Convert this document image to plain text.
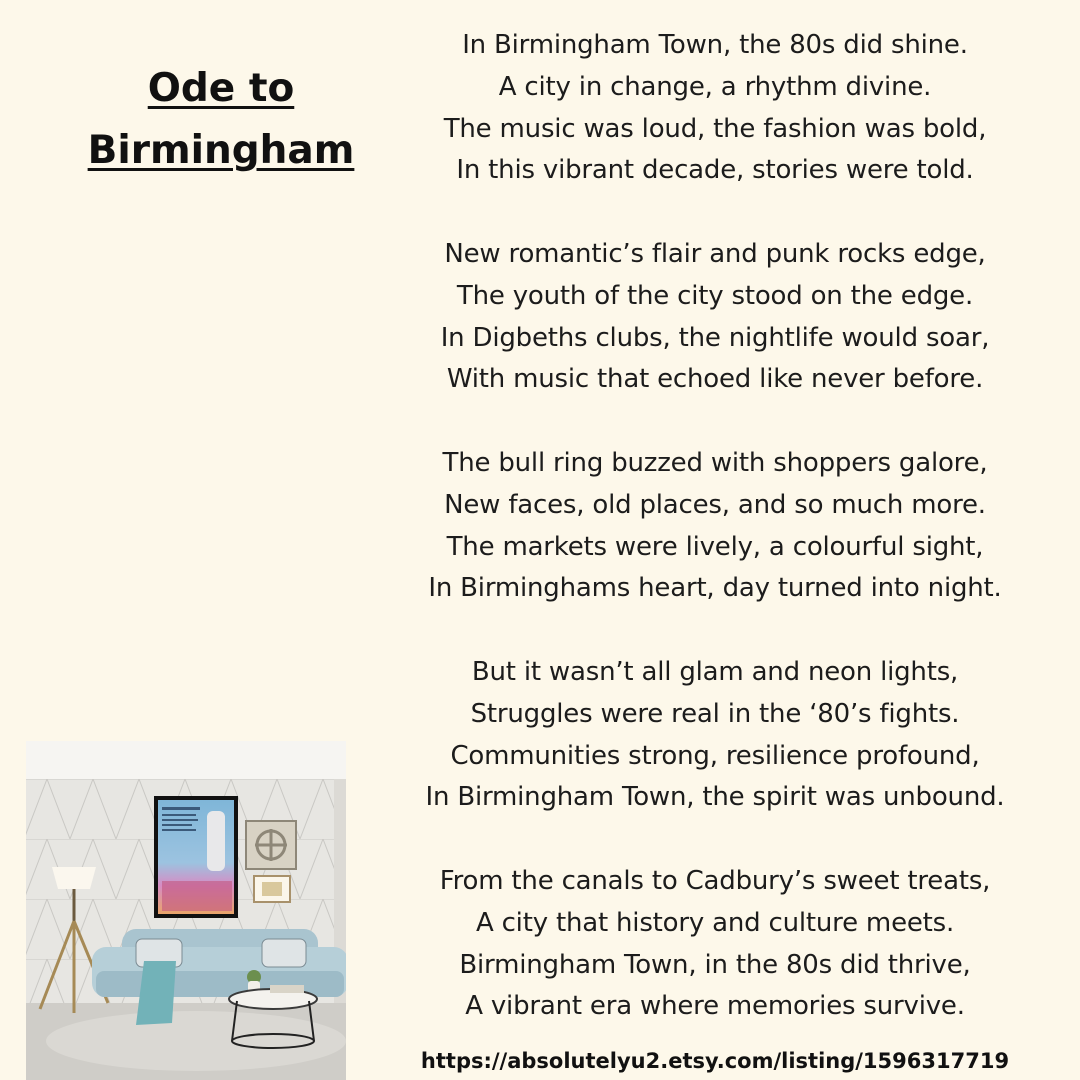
Ode to
Birmingham
In Birmingham Town, the 80s did shine.
A city in change, a rhythm divine.
The music was loud, the fashion was bold,
In this vibrant decade, stories were told.
New romantic’s flair and punk rocks edge,
The youth of the city stood on the edge.
In Digbeths clubs, the nightlife would soar,
With music that echoed like never before.
The bull ring buzzed with shoppers galore,
New faces, old places, and so much more.
The markets were lively, a colourful sight,
In Birminghams heart, day turned into night.
But it wasn’t all glam and neon lights,
Struggles were real in the ‘80’s fights.
Communities strong, resilience profound,
In Birmingham Town, the spirit was unbound.
From the canals to Cadbury’s sweet treats,
A city that history and culture meets.
Birmingham Town, in the 80s did thrive,
A vibrant era where memories survive.
https://absolutelyu2.etsy.com/listing/1596317719
